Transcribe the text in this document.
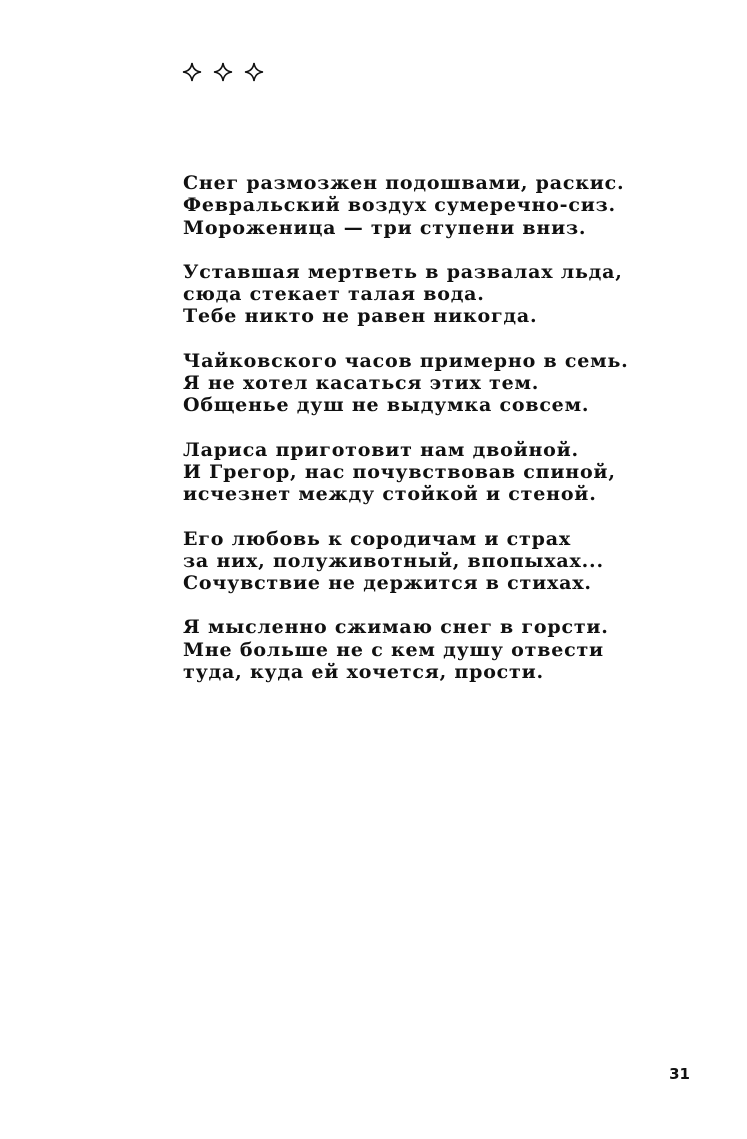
Снег размозжен подошвами, раскис.
Февральский воздух сумеречно-сиз.
Мороженица — три ступени вниз.
Уставшая мертветь в развалах льда,
сюда стекает талая вода.
Тебе никто не равен никогда.
Чайковского часов примерно в семь.
Я не хотел касаться этих тем.
Общенье душ не выдумка совсем.
Лариса приготовит нам двойной.
И Грегор, нас почувствовав спиной,
исчезнет между стойкой и стеной.
Его любовь к сородичам и страх
за них, полуживотный, впопыхах...
Сочувствие не держится в стихах.
Я мысленно сжимаю снег в горсти.
Мне больше не с кем душу отвести
туда, куда ей хочется, прости.
31
